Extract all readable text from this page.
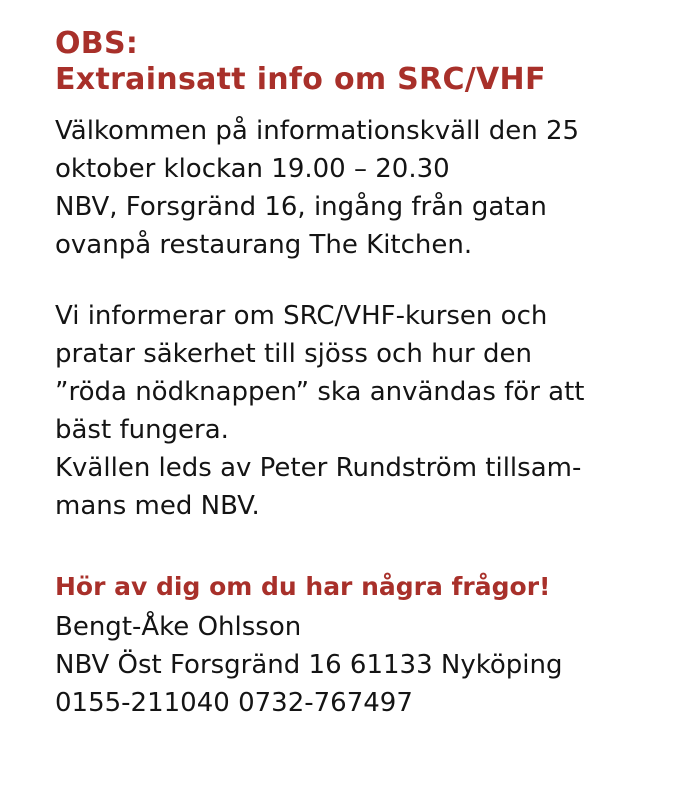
OBS:
Extrainsatt info om SRC/VHF
Välkommen på informationskväll den 25
oktober klockan 19.00 – 20.30
NBV, Forsgränd 16, ingång från gatan
ovanpå restaurang The Kitchen.
Vi informerar om SRC/VHF-kursen och
pratar säkerhet till sjöss och hur den
”röda nödknappen” ska användas för att
bäst fungera.
Kvällen leds av Peter Rundström tillsam-
mans med NBV.
Hör av dig om du har några frågor!
Bengt-Åke Ohlsson
NBV Öst Forsgränd 16 61133 Nyköping
0155-211040 0732-767497
